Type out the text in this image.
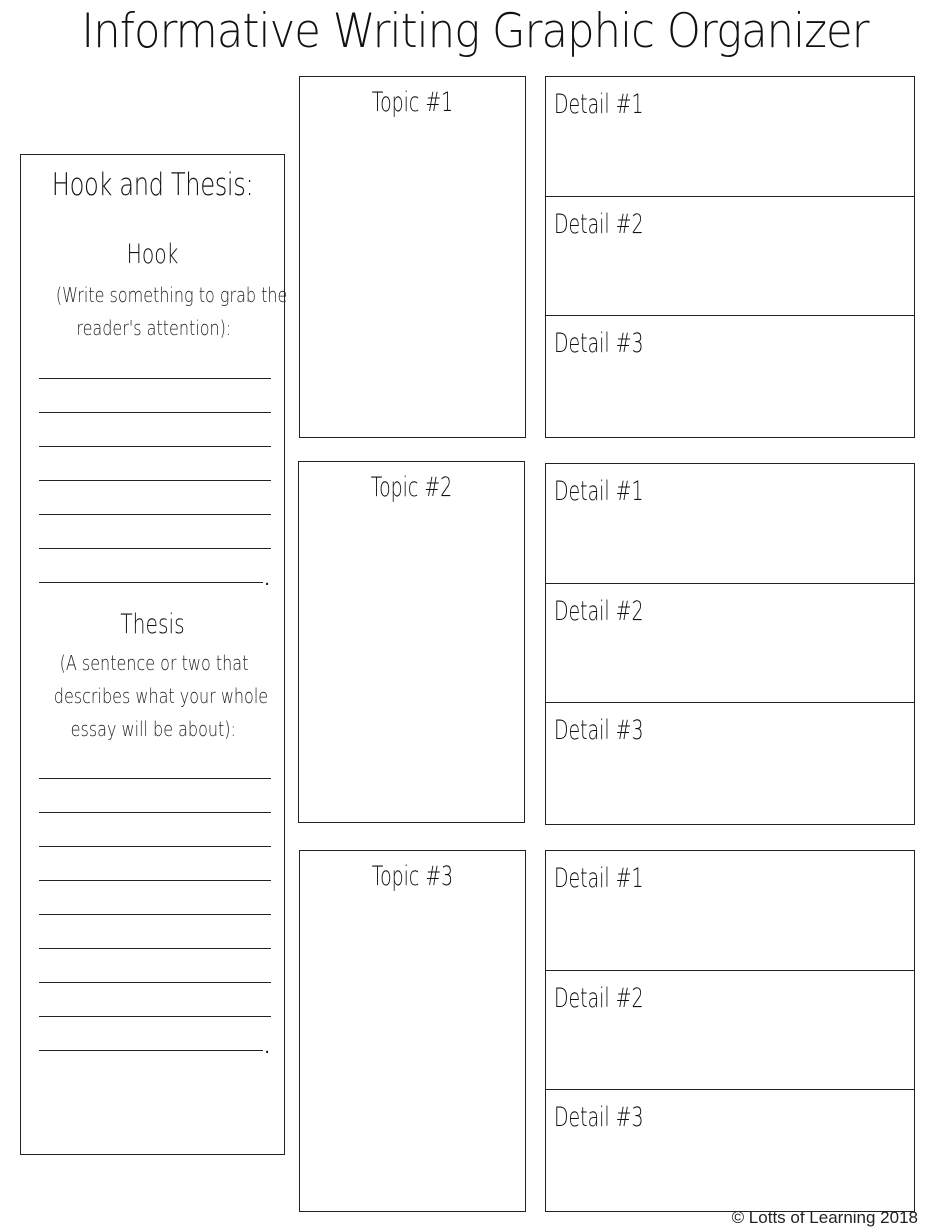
Informative Writing Graphic Organizer
Hook and Thesis:
Hook
(Write something to grab the
reader's attention):
.
Thesis
(A sentence or two that
describes what your whole
essay will be about):
.
Topic #1	Detail #1
Detail #2
Detail #3
Topic #2	Detail #1
Detail #2
Detail #3
Topic #3	Detail #1
Detail #2
Detail #3
© Lotts of Learning 2018
